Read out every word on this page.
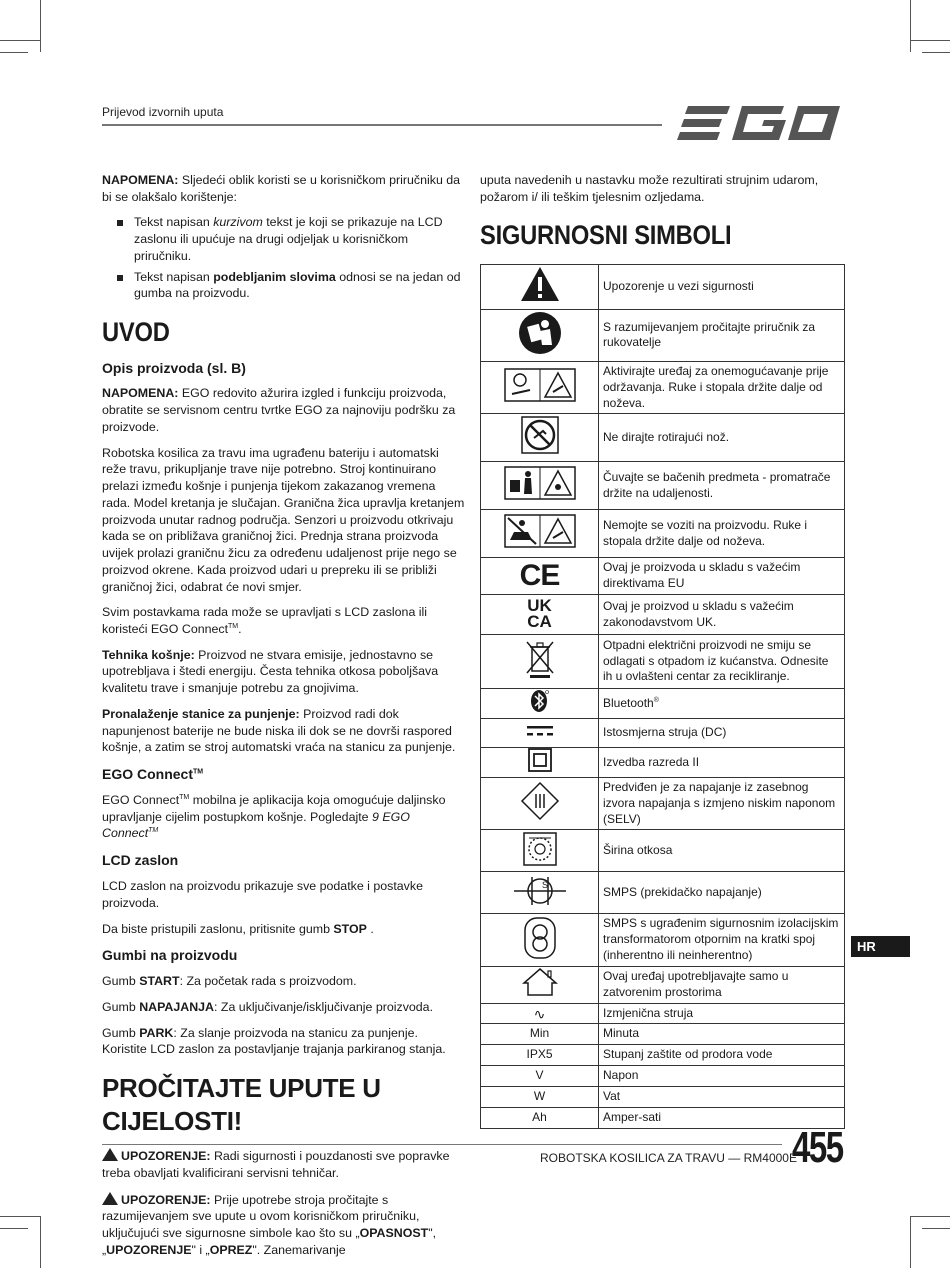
Prijevod izvornih uputa
EGO

NAPOMENA: Sljedeći oblik koristi se u korisničkom priručniku da bi se olakšalo korištenje:

Tekst napisan kurzivom tekst je koji se prikazuje na LCD zaslonu ili upućuje na drugi odjeljak u korisničkom priručniku.
Tekst napisan podebljanim slovima odnosi se na jedan od gumba na proizvodu.
UVOD
Opis proizvoda (sl. B)

NAPOMENA: EGO redovito ažurira izgled i funkciju proizvoda, obratite se servisnom centru tvrtke EGO za najnoviju podršku za proizvode.

Robotska kosilica za travu ima ugrađenu bateriju i automatski reže travu, prikupljanje trave nije potrebno. Stroj kontinuirano prelazi između košnje i punjenja tijekom zakazanog vremena rada. Model kretanja je slučajan. Granična žica upravlja kretanjem proizvoda unutar radnog područja. Senzori u proizvodu otkrivaju kada se on približava graničnoj žici. Prednja strana proizvoda uvijek prolazi graničnu žicu za određenu udaljenost prije nego se proizvod okrene. Kada proizvod udari u prepreku ili se približi graničnoj žici, odabrat će novi smjer.

Svim postavkama rada može se upravljati s LCD zaslona ili koristeći EGO Connect™.

Tehnika košnje: Proizvod ne stvara emisije, jednostavno se upotrebljava i štedi energiju. Česta tehnika otkosa poboljšava kvalitetu trave i smanjuje potrebu za gnojivima.

Pronalaženje stanice za punjenje: Proizvod radi dok napunjenost baterije ne bude niska ili dok se ne dovrši raspored košnje, a zatim se stroj automatski vraća na stanicu za punjenje.

EGO Connect™

EGO Connect™ mobilna je aplikacija koja omogućuje daljinsko upravljanje cijelim postupkom košnje. Pogledajte 9 EGO Connect™

LCD zaslon

LCD zaslon na proizvodu prikazuje sve podatke i postavke proizvoda.

Da biste pristupili zaslonu, pritisnite gumb STOP .

Gumbi na proizvodu

Gumb START: Za početak rada s proizvodom.

Gumb NAPAJANJA: Za uključivanje/isključivanje proizvoda.

Gumb PARK: Za slanje proizvoda na stanicu za punjenje. Koristite LCD zaslon za postavljanje trajanja parkiranog stanja.

PROČITAJTE UPUTE U CIJELOSTI!

UPOZORENJE: Radi sigurnosti i pouzdanosti sve popravke treba obavljati kvalificirani servisni tehničar.

UPOZORENJE: Prije upotrebe stroja pročitajte s razumijevanjem sve upute u ovom korisničkom priručniku, uključujući sve sigurnosne simbole kao što su „OPASNOST", „UPOZORENJE" i „OPREZ". Zanemarivanje

uputa navedenih u nastavku može rezultirati strujnim udarom, požarom i/ ili teškim tjelesnim ozljedama.

SIGURNOSNI SIMBOLI
	Upozorenje u vezi sigurnosti
	S razumijevanjem pročitajte priručnik za rukovatelje
	Aktivirajte uređaj za onemogućavanje prije održavanja. Ruke i stopala držite dalje od noževa.
	Ne dirajte rotirajući nož.
	Čuvajte se bačenih predmeta - promatrače držite na udaljenosti.
	Nemojte se voziti na proizvodu. Ruke i stopala držite dalje od noževa.
CE	Ovaj je proizvoda u skladu s važećim direktivama EU

UK
CA	Ovaj je proizvod u skladu s važećim zakonodavstvom UK.
	Otpadni električni proizvodi ne smiju se odlagati s otpadom iz kućanstva. Odnesite ih u ovlašteni centar za recikliranje.
	Bluetooth®
	Istosmjerna struja (DC)
	Izvedba razreda II
	Predviđen je za napajanje iz zasebnog izvora napajanja s izmjeno niskim naponom (SELV)
	Širina otkosa

S	SMPS (prekidačko napajanje)
	SMPS s ugrađenim sigurnosnim izolacijskim transformatorom otpornim na kratki spoj (inherentno ili neinherentno)
	Ovaj uređaj upotrebljavajte samo u zatvorenim prostorima
∿	Izmjenična struja
Min	Minuta
IPX5	Stupanj zaštite od prodora vode
V	Napon
W	Vat
Ah	Amper-sati
HR
ROBOTSKA KOSILICA ZA TRAVU — RM4000E
455
